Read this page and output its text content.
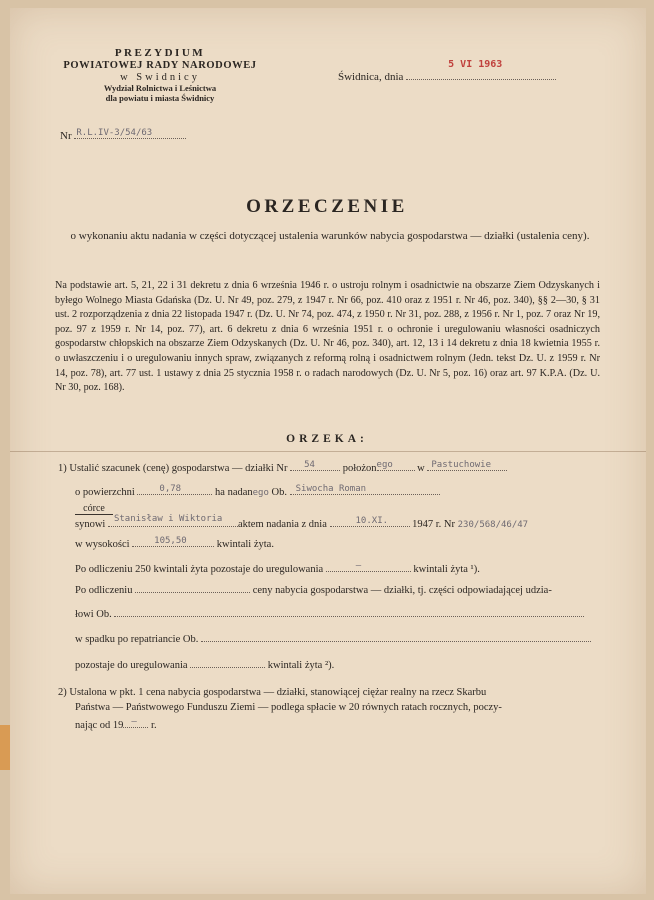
PREZYDIUM
POWIATOWEJ RADY NARODOWEJ
w Swidnicy
Wydział Rolnictwa i Leśnictwa
dla powiatu i miasta Świdnicy
Świdnica, dnia
5 VI 1963
Nr R.L.IV-3/54/63
ORZECZENIE
o wykonaniu aktu nadania w części dotyczącej ustalenia warunków nabycia gospodarstwa — działki (ustalenia ceny).
Na podstawie art. 5, 21, 22 i 31 dekretu z dnia 6 września 1946 r. o ustroju rolnym i osadnictwie na obszarze Ziem Odzyskanych i byłego Wolnego Miasta Gdańska (Dz. U. Nr 49, poz. 279, z 1947 r. Nr 66, poz. 410 oraz z 1951 r. Nr 46, poz. 340), §§ 2—30, § 31 ust. 2 rozporządzenia z dnia 22 listopada 1947 r. (Dz. U. Nr 74, poz. 474, z 1950 r. Nr 31, poz. 288, z 1956 r. Nr 1, poz. 7 oraz Nr 19, poz. 97 z 1959 r. Nr 14, poz. 77), art. 6 dekretu z dnia 6 września 1951 r. o ochronie i uregulowaniu własności osadniczych gospodarstw chłopskich na obszarze Ziem Odzyskanych (Dz. U. Nr 46, poz. 340), art. 12, 13 i 14 dekretu z dnia 18 kwietnia 1955 r. o uwłaszczeniu i o uregulowaniu innych spraw, związanych z reformą rolną i osadnictwem rolnym (Jedn. tekst Dz. U. z 1959 r. Nr 14, poz. 78), art. 77 ust. 1 ustawy z dnia 25 stycznia 1958 r. o radach narodowych (Dz. U. Nr 5, poz. 16) oraz art. 97 K.P.A. (Dz. U. Nr 30, poz. 168).
ORZEKA:
1) Ustalić szacunek (cenę) gospodarstwa — działki Nr 54	położon ego w Pastuchowie
o powierzchni	0,78	ha nadanego Ob. Siwocha Roman
córce
synowi Stanisław i Wiktoria aktem nadania z dnia	10.XI. 1947 r. Nr 230/568/46/47
w wysokości	105,50	kwintali żyta.
Po odliczeniu 250 kwintali żyta pozostaje do uregulowania	—	kwintali żyta ¹).
Po odliczeniu	ceny nabycia gospodarstwa — działki, tj. części odpowiadającej udzia-
łowi Ob.
w spadku po repatriancie Ob.
pozostaje do uregulowania	kwintali żyta ²).
2) Ustalona w pkt. 1 cena nabycia gospodarstwa — działki, stanowiącej ciężar realny na rzecz Skarbu
Państwa — Państwowego Funduszu Ziemi — podlega spłacie w 20 równych ratach rocznych, poczy-
nając od 19 — r.
